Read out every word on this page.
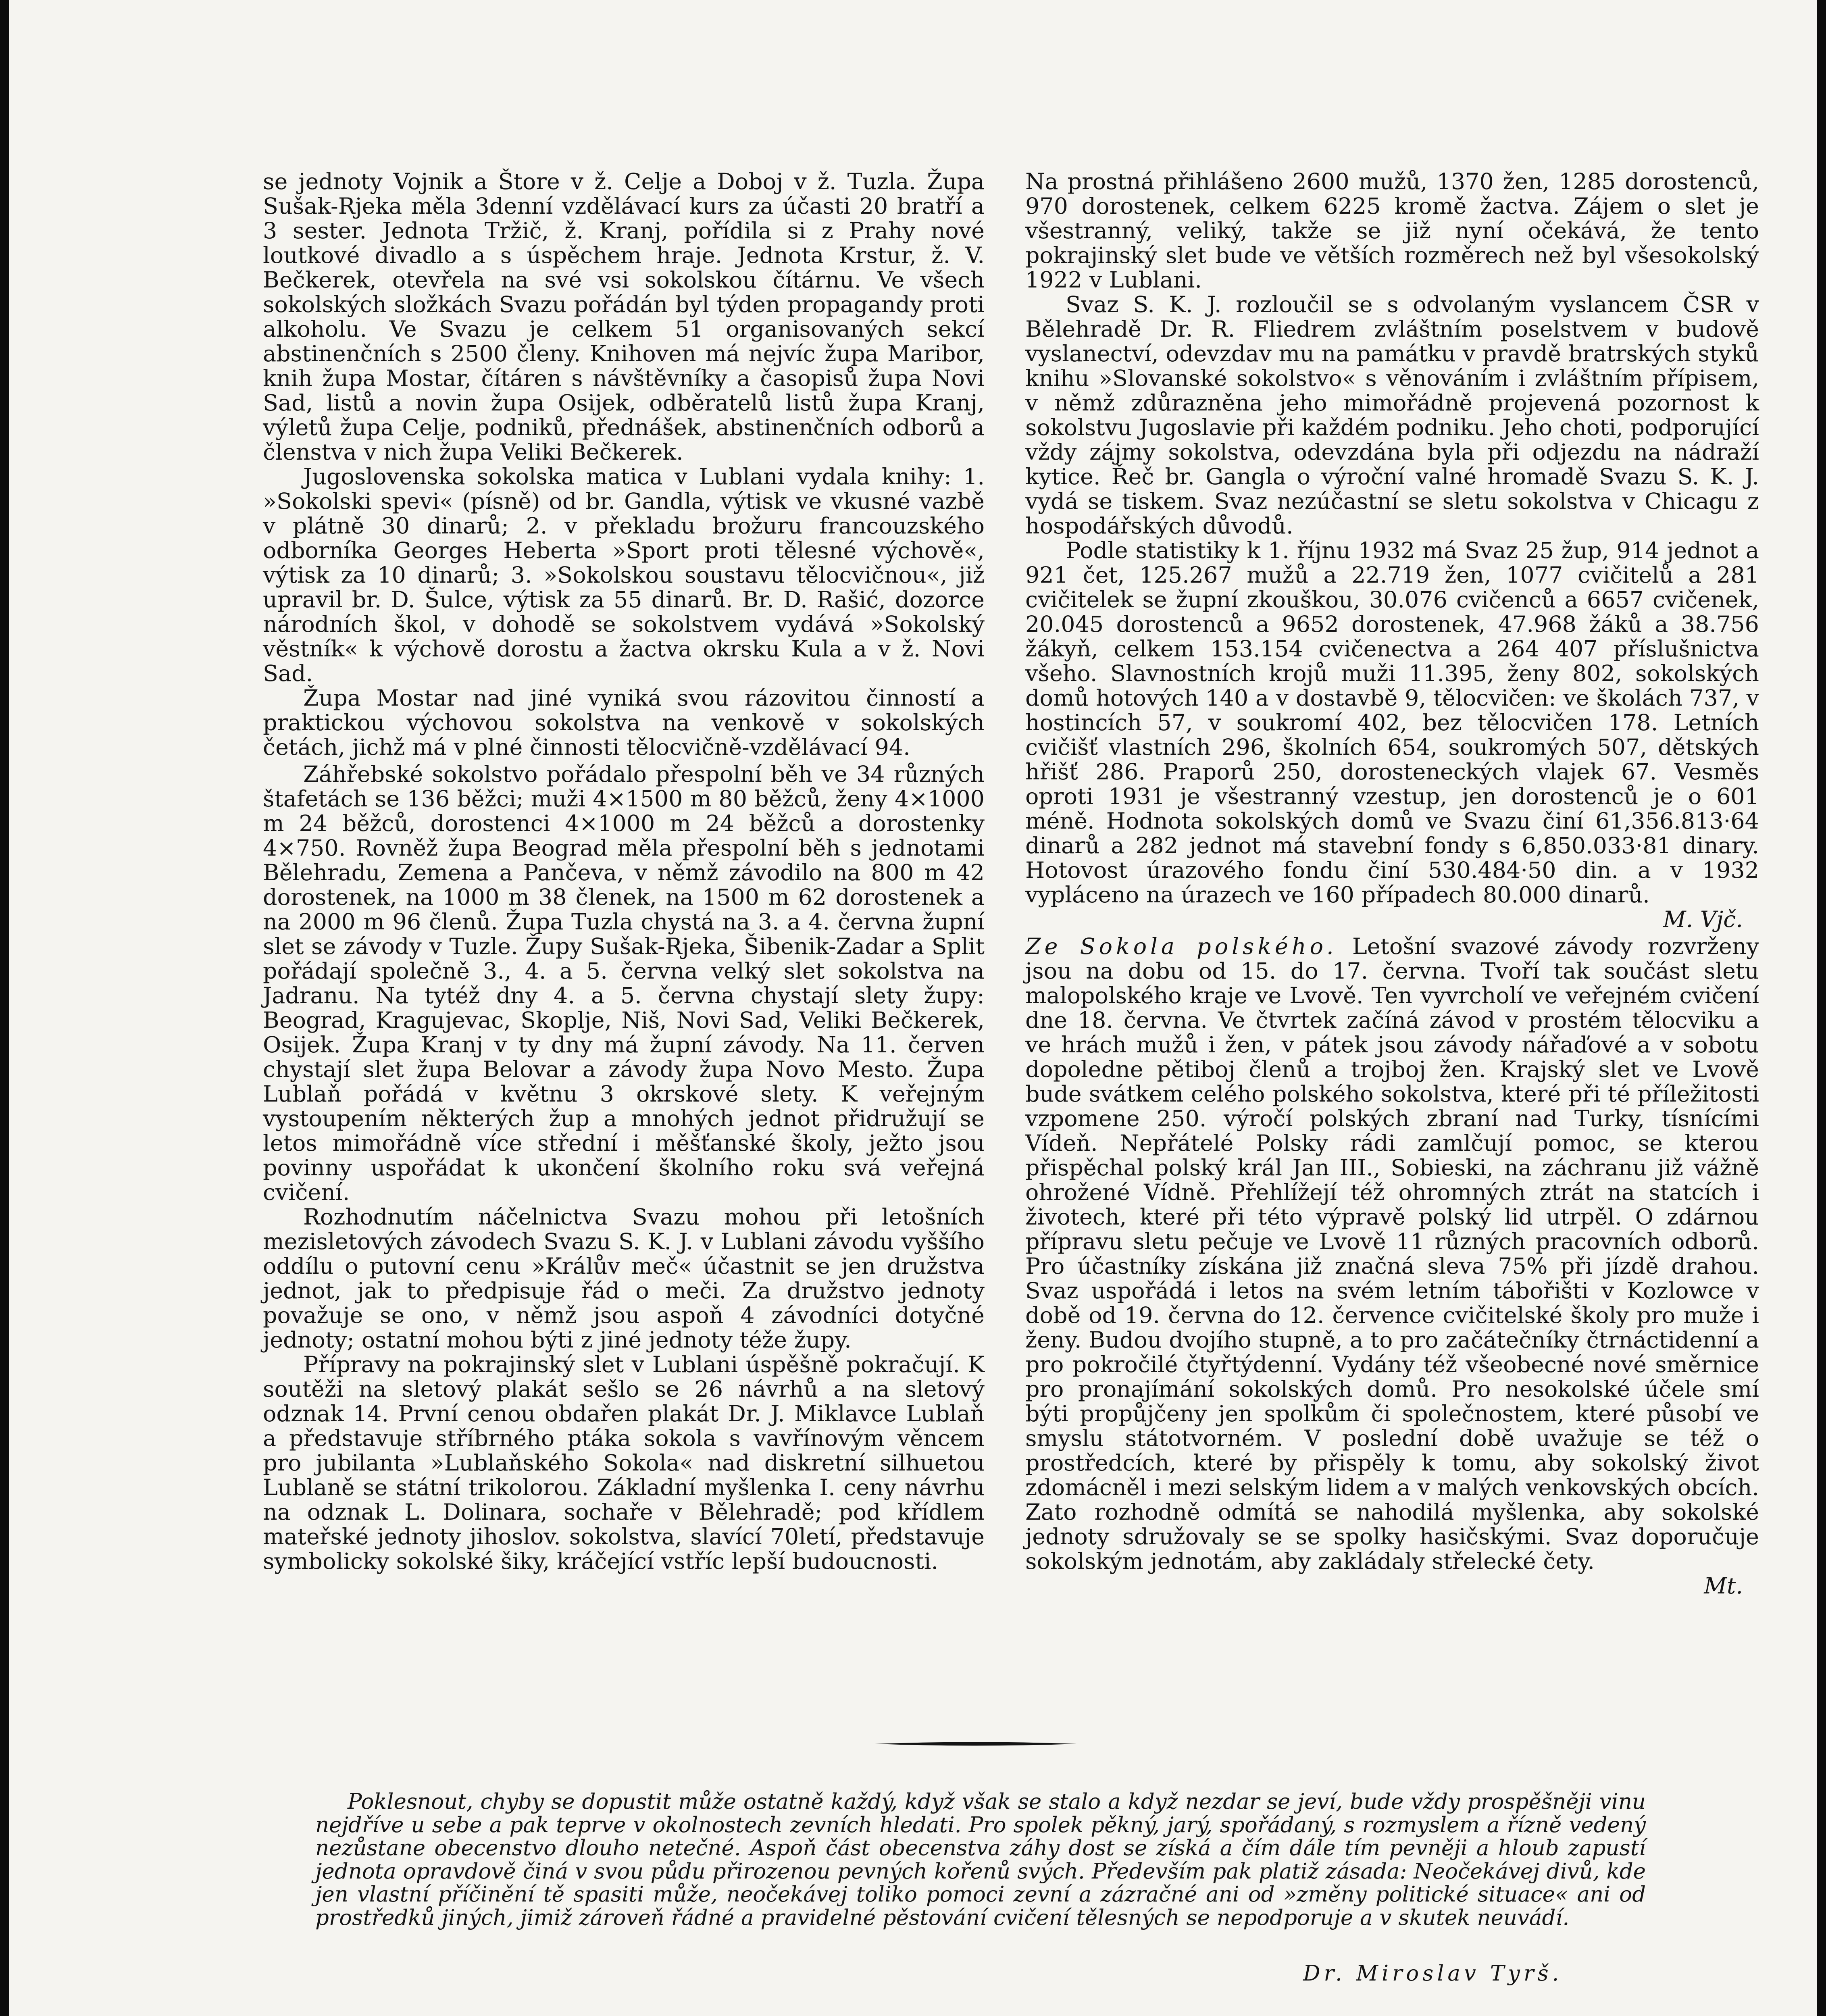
se jednoty Vojnik a Štore v ž. Celje a Doboj v ž. Tuzla. Župa Sušak-Rjeka měla 3denní vzdělávací kurs za účasti 20 bratří a 3 sester. Jednota Tržič, ž. Kranj, pořídila si z Prahy nové loutkové divadlo a s úspěchem hraje. Jednota Krstur, ž. V. Bečkerek, otevřela na své vsi sokolskou čítárnu. Ve všech sokolských složkách Svazu pořádán byl týden propagandy proti alkoholu. Ve Svazu je celkem 51 organisovaných sekcí abstinenčních s 2500 členy. Knihoven má nejvíc župa Maribor, knih župa Mostar, čítáren s návštěvníky a časopisů župa Novi Sad, listů a novin župa Osijek, odběratelů listů župa Kranj, výletů župa Celje, podniků, přednášek, abstinenčních odborů a členstva v nich župa Veliki Bečkerek.

Jugoslovenska sokolska matica v Lublani vydala knihy: 1. »Sokolski spevi« (písně) od br. Gandla, výtisk ve vkusné vazbě v plátně 30 dinarů; 2. v překladu brožuru francouzského odborníka Georges Heberta »Sport proti tělesné výchově«, výtisk za 10 dinarů; 3. »Sokolskou soustavu tělocvičnou«, již upravil br. D. Šulce, výtisk za 55 dinarů. Br. D. Rašić, dozorce národních škol, v dohodě se sokolstvem vydává »Sokolský věstník« k výchově dorostu a žactva okrsku Kula a v ž. Novi Sad.

Župa Mostar nad jiné vyniká svou rázovitou činností a praktickou výchovou sokolstva na venkově v sokolských četách, jichž má v plné činnosti tělocvičně-vzdělávací 94.

Záhřebské sokolstvo pořádalo přespolní běh ve 34 různých štafetách se 136 běžci; muži 4×1500 m 80 běžců, ženy 4×1000 m 24 běžců, dorostenci 4×1000 m 24 běžců a dorostenky 4×750. Rovněž župa Beograd měla přespolní běh s jednotami Bělehradu, Zemena a Pančeva, v němž závodilo na 800 m 42 dorostenek, na 1000 m 38 členek, na 1500 m 62 dorostenek a na 2000 m 96 členů. Župa Tuzla chystá na 3. a 4. června župní slet se závody v Tuzle. Župy Sušak-Rjeka, Šibenik-Zadar a Split pořádají společně 3., 4. a 5. června velký slet sokolstva na Jadranu. Na tytéž dny 4. a 5. června chystají slety župy: Beograd, Kragujevac, Skoplje, Niš, Novi Sad, Veliki Bečkerek, Osijek. Župa Kranj v ty dny má župní závody. Na 11. červen chystají slet župa Belovar a závody župa Novo Mesto. Župa Lublaň pořádá v květnu 3 okrskové slety. K veřejným vystoupením některých žup a mnohých jednot přidružují se letos mimořádně více střední i měšťanské školy, ježto jsou povinny uspořádat k ukončení školního roku svá veřejná cvičení.

Rozhodnutím náčelnictva Svazu mohou při letošních mezisletových závodech Svazu S. K. J. v Lublani závodu vyššího oddílu o putovní cenu »Králův meč« účastnit se jen družstva jednot, jak to předpisuje řád o meči. Za družstvo jednoty považuje se ono, v němž jsou aspoň 4 závodníci dotyčné jednoty; ostatní mohou býti z jiné jednoty téže župy.

Přípravy na pokrajinský slet v Lublani úspěšně pokračují. K soutěži na sletový plakát sešlo se 26 návrhů a na sletový odznak 14. První cenou obdařen plakát Dr. J. Miklavce Lublaň a představuje stříbrného ptáka sokola s vavřínovým věncem pro jubilanta »Lublaňského Sokola« nad diskretní silhuetou Lublaně se státní trikolorou. Základní myšlenka I. ceny návrhu na odznak L. Dolinara, sochaře v Bělehradě; pod křídlem mateřské jednoty jihoslov. sokolstva, slavící 70letí, představuje symbolicky sokolské šiky, kráčející vstříc lepší budoucnosti.

Na prostná přihlášeno 2600 mužů, 1370 žen, 1285 dorostenců, 970 dorostenek, celkem 6225 kromě žactva. Zájem o slet je všestranný, veliký, takže se již nyní očekává, že tento pokrajinský slet bude ve větších rozměrech než byl všesokolský 1922 v Lublani.

Svaz S. K. J. rozloučil se s odvolaným vyslancem ČSR v Bělehradě Dr. R. Fliedrem zvláštním poselstvem v budově vyslanectví, odevzdav mu na památku v pravdě bratrských styků knihu »Slovanské sokolstvo« s věnováním i zvláštním přípisem, v němž zdůrazněna jeho mimořádně projevená pozornost k sokolstvu Jugoslavie při každém podniku. Jeho choti, podporující vždy zájmy sokolstva, odevzdána byla při odjezdu na nádraží kytice. Řeč br. Gangla o výroční valné hromadě Svazu S. K. J. vydá se tiskem. Svaz nezúčastní se sletu sokolstva v Chicagu z hospodářských důvodů.

Podle statistiky k 1. říjnu 1932 má Svaz 25 žup, 914 jednot a 921 čet, 125.267 mužů a 22.719 žen, 1077 cvičitelů a 281 cvičitelek se župní zkouškou, 30.076 cvičenců a 6657 cvičenek, 20.045 dorostenců a 9652 dorostenek, 47.968 žáků a 38.756 žákyň, celkem 153.154 cvičenectva a 264 407 příslušnictva všeho. Slavnostních krojů muži 11.395, ženy 802, sokolských domů hotových 140 a v dostavbě 9, tělocvičen: ve školách 737, v hostincích 57, v soukromí 402, bez tělocvičen 178. Letních cvičišť vlastních 296, školních 654, soukromých 507, dětských hřišť 286. Praporů 250, dorostenеckých vlajek 67. Vesměs oproti 1931 je všestranný vzestup, jen dorostenců je o 601 méně. Hodnota sokolských domů ve Svazu činí 61,356.813·64 dinarů a 282 jednot má stavební fondy s 6,850.033·81 dinary. Hotovost úrazového fondu činí 530.484·50 din. a v 1932 vypláceno na úrazech ve 160 případech 80.000 dinarů.

M. Vjč.

Ze Sokola polského. Letošní svazové závody rozvrženy jsou na dobu od 15. do 17. června. Tvoří tak součást sletu malopolského kraje ve Lvově. Ten vyvrcholí ve veřejném cvičení dne 18. června. Ve čtvrtek začíná závod v prostém tělocviku a ve hrách mužů i žen, v pátek jsou závody nářaďové a v sobotu dopoledne pětiboj členů a trojboj žen. Krajský slet ve Lvově bude svátkem celého polského sokolstva, které při té příležitosti vzpomene 250. výročí polských zbraní nad Turky, tísnícími Vídeň. Nepřátelé Polsky rádi zamlčují pomoc, se kterou přispěchal polský král Jan III., Sobieski, na záchranu již vážně ohrožené Vídně. Přehlížejí též ohromných ztrát na statcích i životech, které při této výpravě polský lid utrpěl. O zdárnou přípravu sletu pečuje ve Lvově 11 různých pracovních odborů. Pro účastníky získána již značná sleva 75% při jízdě drahou. Svaz uspořádá i letos na svém letním tábořišti v Kozlowce v době od 19. června do 12. července cvičitelské školy pro muže i ženy. Budou dvojího stupně, a to pro začátečníky čtrnáctidenní a pro pokročilé čtyřtýdenní. Vydány též všeobecné nové směrnice pro pronajímání sokolských domů. Pro nesokolské účele smí býti propůjčeny jen spolkům či společnostem, které působí ve smyslu státotvorném. V poslední době uvažuje se též o prostředcích, které by přispěly k tomu, aby sokolský život zdomácněl i mezi selským lidem a v malých venkovských obcích. Zato rozhodně odmítá se nahodilá myšlenka, aby sokolské jednoty sdružovaly se se spolky hasičskými. Svaz doporučuje sokolským jednotám, aby zakládaly střelecké čety.

Mt.
Poklesnout, chyby se dopustit může ostatně každý, když však se stalo a když nezdar se jeví, bude vždy prospěšněji vinu nejdříve u sebe a pak teprve v okolnostech zevních hledati. Pro spolek pěkný, jarý, spořádaný, s rozmyslem a řízně vedený nezůstane obecenstvo dlouho netečné. Aspoň část obecenstva záhy dost se získá a čím dále tím pevněji a hloub zapustí jednota opravdově činá v svou půdu přirozenou pevných kořenů svých. Především pak platiž zásada: Neočekávej divů, kde jen vlastní příčinění tě spasiti může, neočekávej toliko pomoci zevní a zázračné ani od »změny politické situace« ani od prostředků jiných, jimiž zároveň řádné a pravidelné pěstování cvičení tělesných se nepodporuje a v skutek neuvádí.
Dr. Miroslav Tyrš.
